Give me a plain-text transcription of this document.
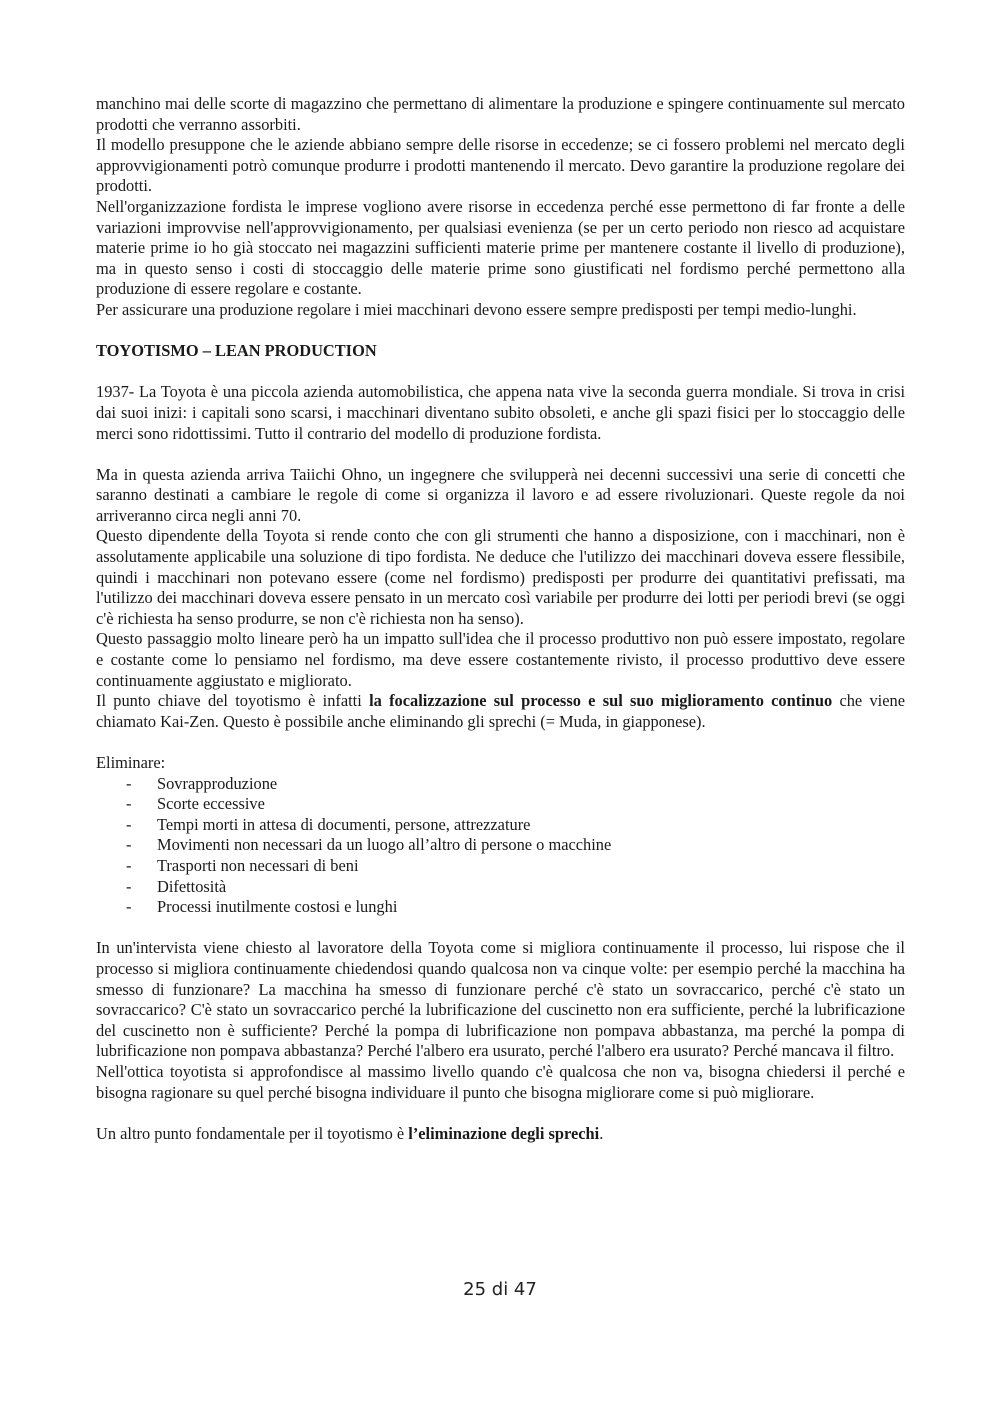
manchino mai delle scorte di magazzino che permettano di alimentare la produzione e spingere continuamente sul mercato prodotti che verranno assorbiti.

Il modello presuppone che le aziende abbiano sempre delle risorse in eccedenze; se ci fossero problemi nel mercato degli approvvigionamenti potrò comunque produrre i prodotti mantenendo il mercato. Devo garantire la produzione regolare dei prodotti.

Nell'organizzazione fordista le imprese vogliono avere risorse in eccedenza perché esse permettono di far fronte a delle variazioni improvvise nell'approvvigionamento, per qualsiasi evenienza (se per un certo periodo non riesco ad acquistare materie prime io ho già stoccato nei magazzini sufficienti materie prime per mantenere costante il livello di produzione), ma in questo senso i costi di stoccaggio delle materie prime sono giustificati nel fordismo perché permettono alla produzione di essere regolare e costante.

Per assicurare una produzione regolare i miei macchinari devono essere sempre predisposti per tempi medio-lunghi.

TOYOTISMO – LEAN PRODUCTION

1937- La Toyota è una piccola azienda automobilistica, che appena nata vive la seconda guerra mondiale. Si trova in crisi dai suoi inizi: i capitali sono scarsi, i macchinari diventano subito obsoleti, e anche gli spazi fisici per lo stoccaggio delle merci sono ridottissimi. Tutto il contrario del modello di produzione fordista.

Ma in questa azienda arriva Taiichi Ohno, un ingegnere che svilupperà nei decenni successivi una serie di concetti che saranno destinati a cambiare le regole di come si organizza il lavoro e ad essere rivoluzionari. Queste regole da noi arriveranno circa negli anni 70.

Questo dipendente della Toyota si rende conto che con gli strumenti che hanno a disposizione, con i macchinari, non è assolutamente applicabile una soluzione di tipo fordista. Ne deduce che l'utilizzo dei macchinari doveva essere flessibile, quindi i macchinari non potevano essere (come nel fordismo) predisposti per produrre dei quantitativi prefissati, ma l'utilizzo dei macchinari doveva essere pensato in un mercato così variabile per produrre dei lotti per periodi brevi (se oggi c'è richiesta ha senso produrre, se non c'è richiesta non ha senso).

Questo passaggio molto lineare però ha un impatto sull'idea che il processo produttivo non può essere impostato, regolare e costante come lo pensiamo nel fordismo, ma deve essere costantemente rivisto, il processo produttivo deve essere continuamente aggiustato e migliorato.

Il punto chiave del toyotismo è infatti la focalizzazione sul processo e sul suo miglioramento continuo che viene chiamato Kai-Zen. Questo è possibile anche eliminando gli sprechi (= Muda, in giapponese).

Eliminare:

- Sovrapproduzione
- Scorte eccessive
- Tempi morti in attesa di documenti, persone, attrezzature
- Movimenti non necessari da un luogo all’altro di persone o macchine
- Trasporti non necessari di beni
- Difettosità
- Processi inutilmente costosi e lunghi

In un'intervista viene chiesto al lavoratore della Toyota come si migliora continuamente il processo, lui rispose che il processo si migliora continuamente chiedendosi quando qualcosa non va cinque volte: per esempio perché la macchina ha smesso di funzionare? La macchina ha smesso di funzionare perché c'è stato un sovraccarico, perché c'è stato un sovraccarico? C'è stato un sovraccarico perché la lubrificazione del cuscinetto non era sufficiente, perché la lubrificazione del cuscinetto non è sufficiente? Perché la pompa di lubrificazione non pompava abbastanza, ma perché la pompa di lubrificazione non pompava abbastanza? Perché l'albero era usurato, perché l'albero era usurato? Perché mancava il filtro.

Nell'ottica toyotista si approfondisce al massimo livello quando c'è qualcosa che non va, bisogna chiedersi il perché e bisogna ragionare su quel perché bisogna individuare il punto che bisogna migliorare come si può migliorare.

Un altro punto fondamentale per il toyotismo è l’eliminazione degli sprechi.

25 di 47
